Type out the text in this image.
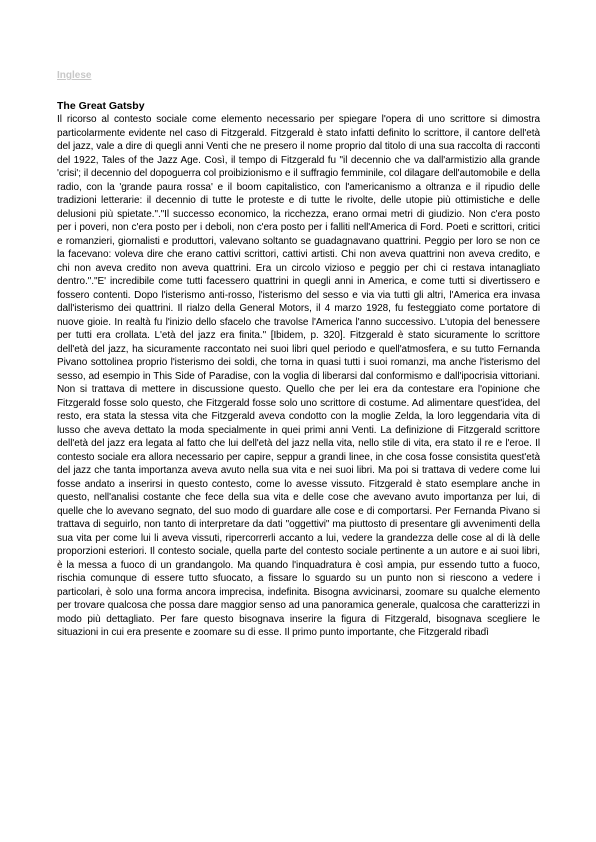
Inglese
The Great Gatsby

Il ricorso al contesto sociale come elemento necessario per spiegare l'opera di uno scrittore si dimostra particolarmente evidente nel caso di Fitzgerald. Fitzgerald è stato infatti definito lo scrittore, il cantore dell'età del jazz, vale a dire di quegli anni Venti che ne presero il nome proprio dal titolo di una sua raccolta di racconti del 1922, Tales of the Jazz Age. Così, il tempo di Fitzgerald fu "il decennio che va dall'armistizio alla grande 'crisi'; il decennio del dopoguerra col proibizionismo e il suffragio femminile, col dilagare dell'automobile e della radio, con la 'grande paura rossa' e il boom capitalistico, con l'americanismo a oltranza e il ripudio delle tradizioni letterarie: il decennio di tutte le proteste e di tutte le rivolte, delle utopie più ottimistiche e delle delusioni più spietate."."Il successo economico, la ricchezza, erano ormai metri di giudizio. Non c'era posto per i poveri, non c'era posto per i deboli, non c'era posto per i falliti nell'America di Ford. Poeti e scrittori, critici e romanzieri, giornalisti e produttori, valevano soltanto se guadagnavano quattrini. Peggio per loro se non ce la facevano: voleva dire che erano cattivi scrittori, cattivi artisti. Chi non aveva quattrini non aveva credito, e chi non aveva credito non aveva quattrini. Era un circolo vizioso e peggio per chi ci restava intanagliato dentro."."E' incredibile come tutti facessero quattrini in quegli anni in America, e come tutti si divertissero e fossero contenti. Dopo l'isterismo anti-rosso, l'isterismo del sesso e via via tutti gli altri, l'America era invasa dall'isterismo dei quattrini. Il rialzo della General Motors, il 4 marzo 1928, fu festeggiato come portatore di nuove gioie. In realtà fu l'inizio dello sfacelo che travolse l'America l'anno successivo. L'utopia del benessere per tutti era crollata. L'età del jazz era finita." [Ibidem, p. 320]. Fitzgerald è stato sicuramente lo scrittore dell'età del jazz, ha sicuramente raccontato nei suoi libri quel periodo e quell'atmosfera, e su tutto Fernanda Pivano sottolinea proprio l'isterismo dei soldi, che torna in quasi tutti i suoi romanzi, ma anche l'isterismo del sesso, ad esempio in This Side of Paradise, con la voglia di liberarsi dal conformismo e dall'ipocrisia vittoriani. Non si trattava di mettere in discussione questo. Quello che per lei era da contestare era l'opinione che Fitzgerald fosse solo questo, che Fitzgerald fosse solo uno scrittore di costume. Ad alimentare quest'idea, del resto, era stata la stessa vita che Fitzgerald aveva condotto con la moglie Zelda, la loro leggendaria vita di lusso che aveva dettato la moda specialmente in quei primi anni Venti. La definizione di Fitzgerald scrittore dell'età del jazz era legata al fatto che lui dell'età del jazz nella vita, nello stile di vita, era stato il re e l'eroe. Il contesto sociale era allora necessario per capire, seppur a grandi linee, in che cosa fosse consistita quest'età del jazz che tanta importanza aveva avuto nella sua vita e nei suoi libri. Ma poi si trattava di vedere come lui fosse andato a inserirsi in questo contesto, come lo avesse vissuto. Fitzgerald è stato esemplare anche in questo, nell'analisi costante che fece della sua vita e delle cose che avevano avuto importanza per lui, di quelle che lo avevano segnato, del suo modo di guardare alle cose e di comportarsi. Per Fernanda Pivano si trattava di seguirlo, non tanto di interpretare da dati "oggettivi" ma piuttosto di presentare gli avvenimenti della sua vita per come lui li aveva vissuti, ripercorrerli accanto a lui, vedere la grandezza delle cose al di là delle proporzioni esteriori. Il contesto sociale, quella parte del contesto sociale pertinente a un autore e ai suoi libri, è la messa a fuoco di un grandangolo. Ma quando l'inquadratura è così ampia, pur essendo tutto a fuoco, rischia comunque di essere tutto sfuocato, a fissare lo sguardo su un punto non si riescono a vedere i particolari, è solo una forma ancora imprecisa, indefinita. Bisogna avvicinarsi, zoomare su qualche elemento per trovare qualcosa che possa dare maggior senso ad una panoramica generale, qualcosa che caratterizzi in modo più dettagliato. Per fare questo bisognava inserire la figura di Fitzgerald, bisognava scegliere le situazioni in cui era presente e zoomare su di esse. Il primo punto importante, che Fitzgerald ribadì
